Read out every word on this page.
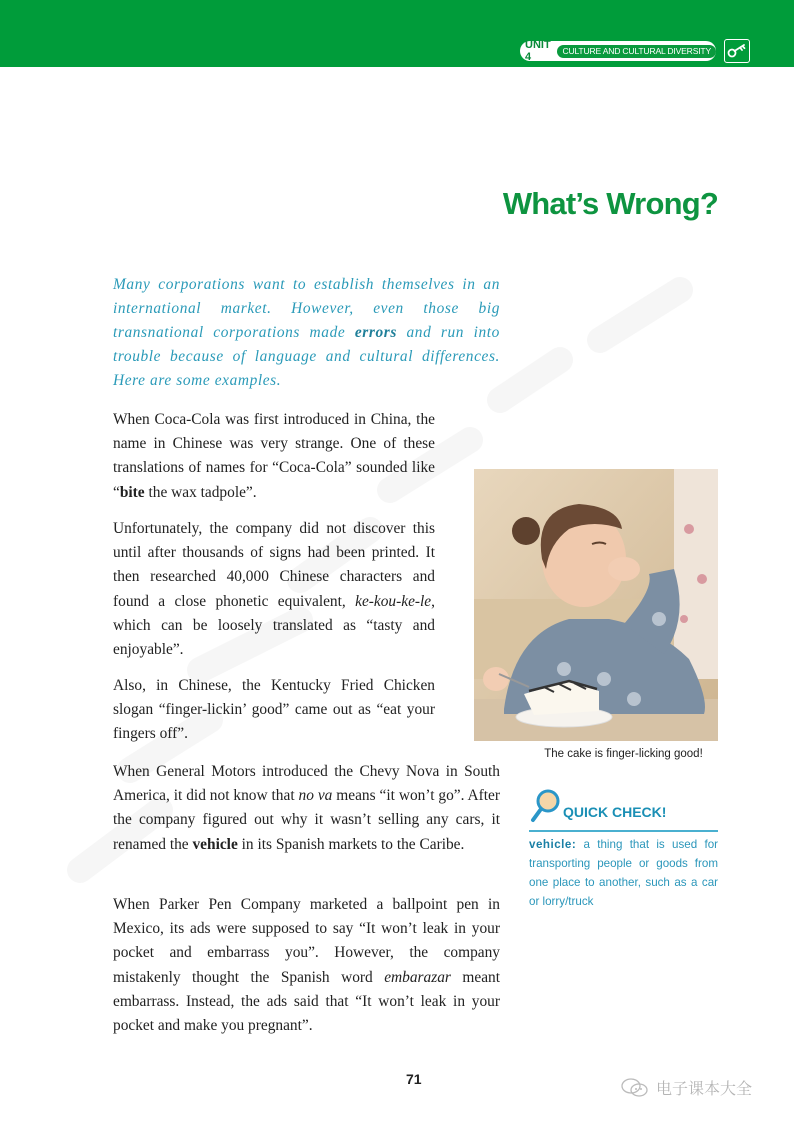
UNIT 4
CULTURE AND CULTURAL DIVERSITY
What’s Wrong?

Many corporations want to establish themselves in an international market. However, even those big transnational corporations made errors and run into trouble because of language and cultural differences. Here are some examples.

When Coca-Cola was first introduced in China, the name in Chinese was very strange. One of these translations of names for “Coca-Cola” sounded like “bite the wax tadpole”.

Unfortunately, the company did not discover this until after thousands of signs had been printed. It then researched 40,000 Chinese characters and found a close phonetic equivalent, ke-kou-ke-le, which can be loosely translated as “tasty and enjoyable”.

Also, in Chinese, the Kentucky Fried Chicken slogan “finger-lickin’ good” came out as “eat your fingers off”.

When General Motors introduced the Chevy Nova in South America, it did not know that no va means “it won’t go”. After the company figured out why it wasn’t selling any cars, it renamed the vehicle in its Spanish markets to the Caribe.

When Parker Pen Company marketed a ballpoint pen in Mexico, its ads were supposed to say “It won’t leak in your pocket and embarrass you”. However, the company mistakenly thought the Spanish word embarazar meant embarrass. Instead, the ads said that “It won’t leak in your pocket and make you pregnant”.

The cake is finger-licking good!
QUICK CHECK!

vehicle: a thing that is used for transporting people or goods from one place to another, such as a car or lorry/truck

71	电子课本大全
